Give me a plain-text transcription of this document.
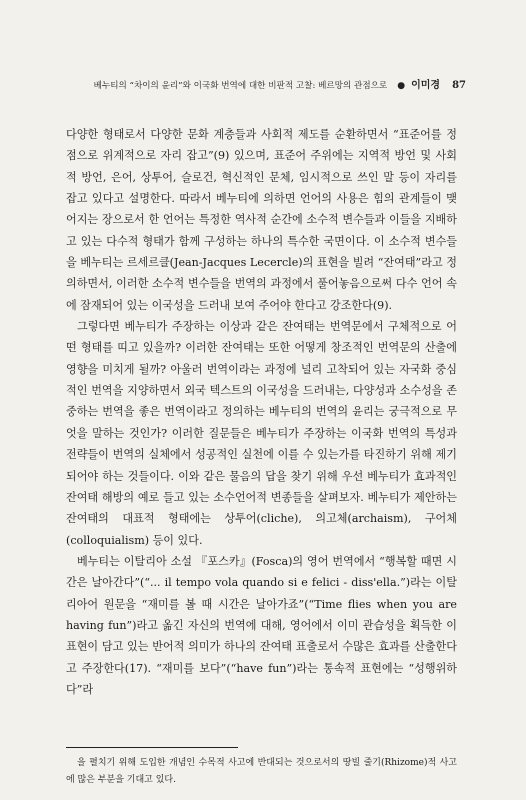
베누티의 “차이의 윤리”와 이국화 번역에 대한 비판적 고찰: 베르망의 관점으로 ● 이미경 87

다양한 형태로서 다양한 문화 계층들과 사회적 제도를 순환하면서 “표준어를 정점으로 위계적으로 자리 잡고”(9) 있으며, 표준어 주위에는 지역적 방언 및 사회적 방언, 은어, 상투어, 슬로건, 혁신적인 문체, 임시적으로 쓰인 말 등이 자리를 잡고 있다고 설명한다. 따라서 베누티에 의하면 언어의 사용은 힘의 관계들이 맺어지는 장으로서 한 언어는 특정한 역사적 순간에 소수적 변수들과 이들을 지배하고 있는 다수적 형태가 함께 구성하는 하나의 특수한 국면이다. 이 소수적 변수들을 베누티는 르세르클(Jean-Jacques Lecercle)의 표현을 빌려 “잔여태”라고 정의하면서, 이러한 소수적 변수들을 번역의 과정에서 풀어놓음으로써 다수 언어 속에 잠재되어 있는 이국성을 드러내 보여 주어야 한다고 강조한다(9).

그렇다면 베누티가 주장하는 이상과 같은 잔여태는 번역문에서 구체적으로 어떤 형태를 띠고 있을까? 이러한 잔여태는 또한 어떻게 창조적인 번역문의 산출에 영향을 미치게 될까? 아울러 번역이라는 과정에 널리 고착되어 있는 자국화 중심적인 번역을 지양하면서 외국 텍스트의 이국성을 드러내는, 다양성과 소수성을 존중하는 번역을 좋은 번역이라고 정의하는 베누티의 번역의 윤리는 궁극적으로 무엇을 말하는 것인가? 이러한 질문들은 베누티가 주장하는 이국화 번역의 특성과 전략들이 번역의 실체에서 성공적인 실천에 이를 수 있는가를 타진하기 위해 제기되어야 하는 것들이다. 이와 같은 물음의 답을 찾기 위해 우선 베누티가 효과적인 잔여태 해방의 예로 들고 있는 소수언어적 변종들을 살펴보자. 베누티가 제안하는 잔여태의 대표적 형태에는 상투어(cliche), 의고체(archaism), 구어체(colloquialism) 등이 있다.

베누티는 이탈리아 소설 『포스카』(Fosca)의 영어 번역에서 “행복할 때면 시간은 날아간다”(“... il tempo vola quando si e felici - diss'ella.”)라는 이탈리아어 원문을 “재미를 볼 때 시간은 날아가죠”(“Time flies when you are having fun”)라고 옮긴 자신의 번역에 대해, 영어에서 이미 관습성을 획득한 이 표현이 담고 있는 반어적 의미가 하나의 잔여태 표출로서 수많은 효과를 산출한다고 주장한다(17). “재미를 보다”(“have fun”)라는 통속적 표현에는 “성행위하다”라

을 펼치기 위해 도입한 개념인 수목적 사고에 반대되는 것으로서의 땅빌 줄기(Rhizome)적 사고에 많은 부분을 기대고 있다.
